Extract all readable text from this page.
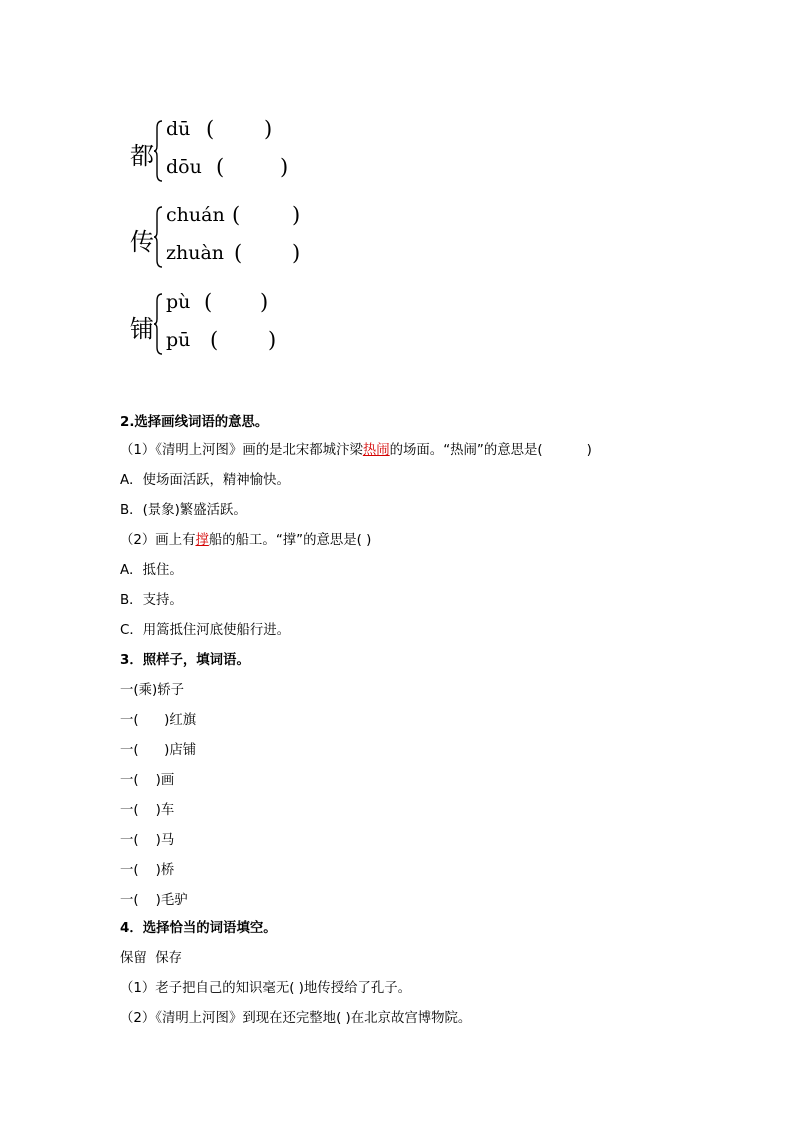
都
dū ( )
dōu (	)
传
chuán ( )
zhuàn ( )
铺
pù ( )
pū ( )
2.选择画线词语的意思。
（1）《清明上河图》画的是北宋都城汴梁热闹的场面。“热闹”的意思是(	)
A．使场面活跃，精神愉快。
B．(景象)繁盛活跃。
（2）画上有撑船的船工。“撑”的意思是( )
A．抵住。
B．支持。
C．用篙抵住河底使船行进。
3．照样子，填词语。
一(乘)轿子
一(      )红旗
一(      )店铺
一(    )画
一(    )车
一(    )马
一(    )桥
一(    )毛驴
4．选择恰当的词语填空。
保留  保存
（1）老子把自己的知识毫无( )地传授给了孔子。
（2）《清明上河图》到现在还完整地( )在北京故宫博物院。
